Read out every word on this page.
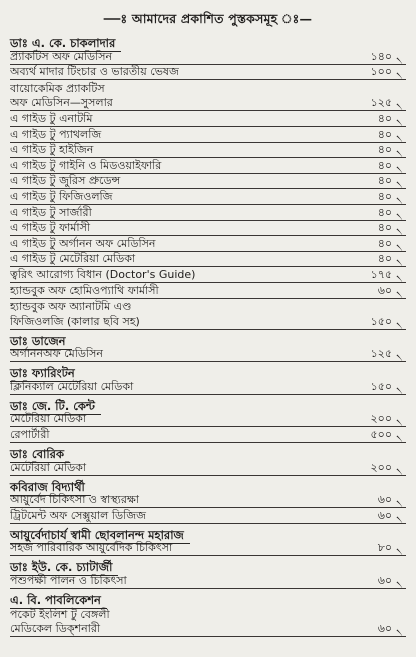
—ঃ আমাদের প্রকাশিত পুস্তকসমূহ ঃ—
ডাঃ এ. কে. চাকলাদার
প্র্যাকটিস অফ মেডিসিন	১৪০ ৲
অব্যর্থ মাদার টিংচার ও ভারতীয় ভেষজ	১০০ ৲
বায়োকেমিক প্র্যাকটিস
অফ মেডিসিন—সুসলার	১২৫ ৲
এ গাইড টু এনাটমি	৪০ ৲
এ গাইড টু প্যাথলজি	৪০ ৲
এ গাইড টু হাইজিন	৪০ ৲
এ গাইড টু গাইনি ও মিডওয়াইফারি	৪০ ৲
এ গাইড টু জুরিস প্রুডেন্স	৪০ ৲
এ গাইড টু ফিজিওলজি	৪০ ৲
এ গাইড টু সার্জারী	৪০ ৲
এ গাইড টু ফার্মাসী	৪০ ৲
এ গাইড টু অর্গানন অফ মেডিসিন	৪০ ৲
এ গাইড টু মেটেরিয়া মেডিকা	৪০ ৲
ত্বরিৎ আরোগ্য বিধান (Doctor's Guide)	১৭৫ ৲
হ্যান্ডবুক অফ হোমিওপ্যাথি ফার্মাসী	৬০ ৲
হ্যান্ডবুক অফ অ্যানাটমি এণ্ড
ফিজিওলজি (কালার ছবি সহ)	১৫০ ৲
ডাঃ ডাজেন
অর্গাননঅফ মেডিসিন	১২৫ ৲
ডাঃ ফ্যারিংটন
ক্লিনিক্যাল মেটেরিয়া মেডিকা	১৫০ ৲
ডাঃ জে. টি. কেন্ট
মেটেরিয়া মেডিকা	২০০ ৲
রেপার্টারী	৫০০ ৲
ডাঃ বোরিক
মেটেরিয়া মেডিকা	২০০ ৲
কবিরাজ বিদ্যার্থী
আয়ুর্বেদ চিকিৎসা ও স্বাস্থ্যরক্ষা	৬০ ৲
ট্রিটমেন্ট অফ সেক্সুয়াল ডিজিজ	৬০ ৲
আয়ুর্বেদাচার্য স্বামী ছোবলানন্দ মহারাজ
সহজ পারিবারিক আয়ুর্বেদিক চিকিৎসা	৮০ ৲
ডাঃ ইউ. কে. চ্যাটার্জী
পশুপক্ষী পালন ও চিকিৎসা	৬০ ৲
এ. বি. পাবলিকেশন
পকেট ইংলিশ টু বেঙ্গলী
মেডিকেল ডিক্শনারী	৬০ ৲
